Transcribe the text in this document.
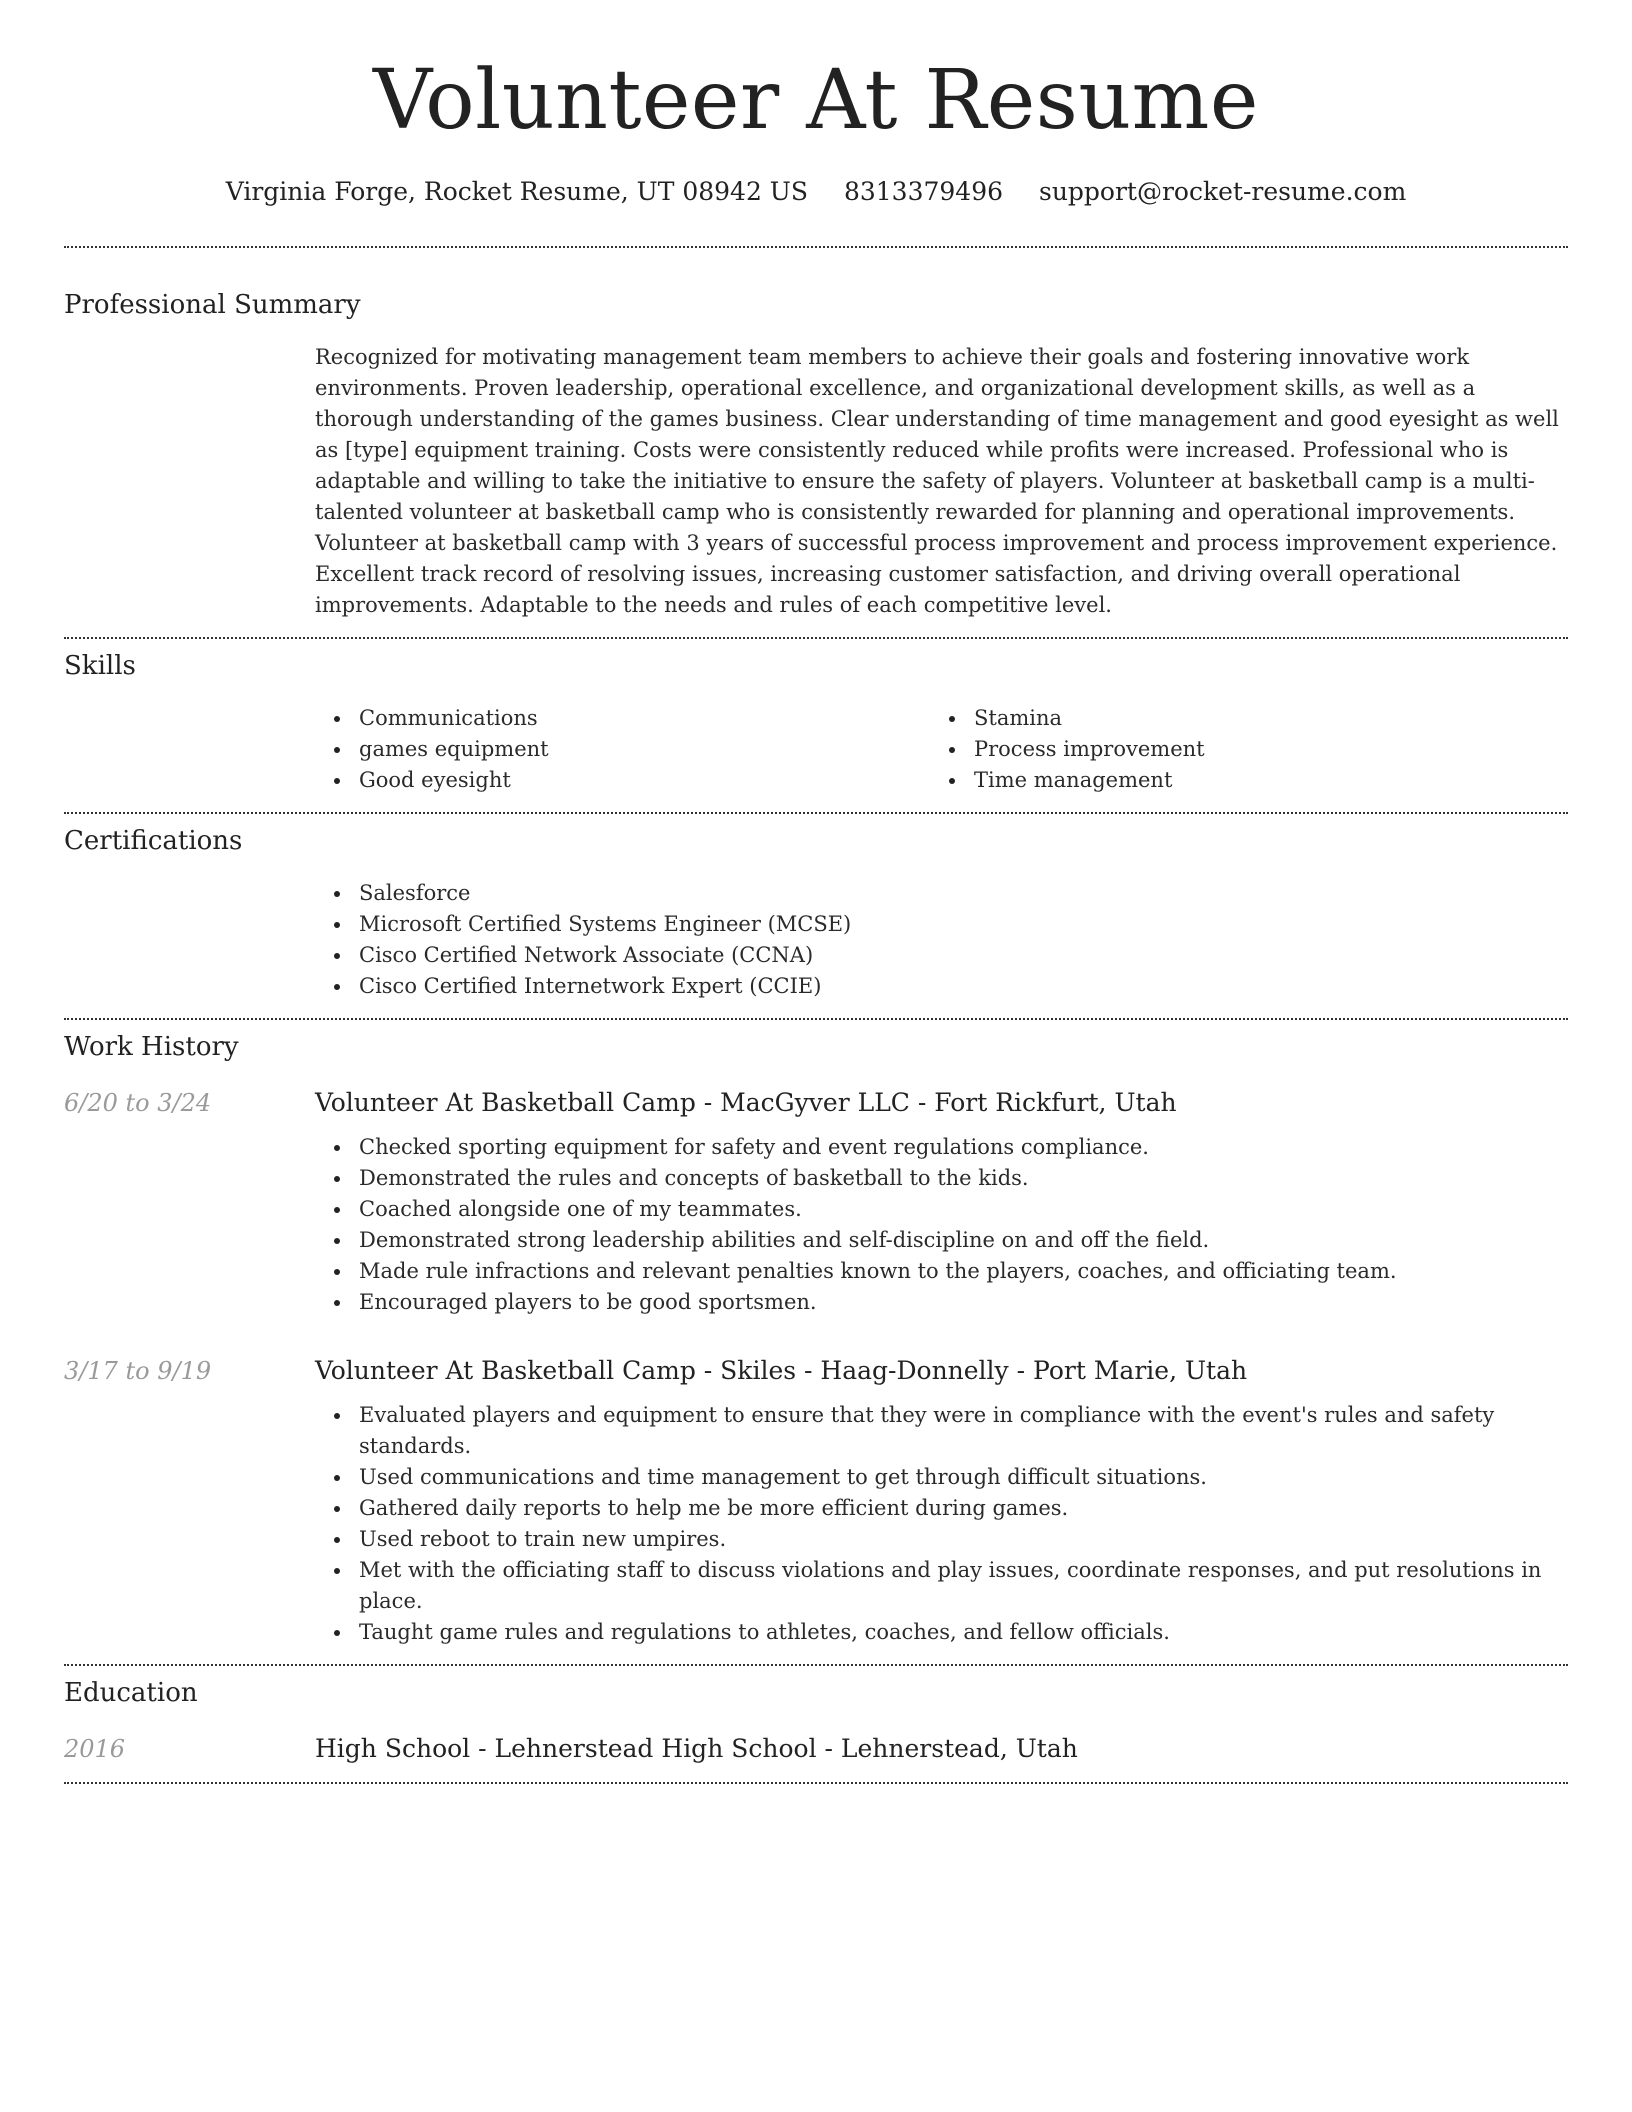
Volunteer At Resume
Virginia Forge, Rocket Resume, UT 08942 US 8313379496 support@rocket-resume.com
Professional Summary
Recognized for motivating management team members to achieve their goals and fostering innovative work environments. Proven leadership, operational excellence, and organizational development skills, as well as a thorough understanding of the games business. Clear understanding of time management and good eyesight as well as [type] equipment training. Costs were consistently reduced while profits were increased. Professional who is adaptable and willing to take the initiative to ensure the safety of players. Volunteer at basketball camp is a multi-talented volunteer at basketball camp who is consistently rewarded for planning and operational improvements. Volunteer at basketball camp with 3 years of successful process improvement and process improvement experience. Excellent track record of resolving issues, increasing customer satisfaction, and driving overall operational improvements. Adaptable to the needs and rules of each competitive level.
Skills
Communications
games equipment
Good eyesight
Stamina
Process improvement
Time management
Certifications
Salesforce
Microsoft Certified Systems Engineer (MCSE)
Cisco Certified Network Associate (CCNA)
Cisco Certified Internetwork Expert (CCIE)
Work History
6/20 to 3/24	Volunteer At Basketball Camp - MacGyver LLC - Fort Rickfurt, Utah
Checked sporting equipment for safety and event regulations compliance.
Demonstrated the rules and concepts of basketball to the kids.
Coached alongside one of my teammates.
Demonstrated strong leadership abilities and self-discipline on and off the field.
Made rule infractions and relevant penalties known to the players, coaches, and officiating team.
Encouraged players to be good sportsmen.
3/17 to 9/19	Volunteer At Basketball Camp - Skiles - Haag-Donnelly - Port Marie, Utah
Evaluated players and equipment to ensure that they were in compliance with the event's rules and safety standards.
Used communications and time management to get through difficult situations.
Gathered daily reports to help me be more efficient during games.
Used reboot to train new umpires.
Met with the officiating staff to discuss violations and play issues, coordinate responses, and put resolutions in place.
Taught game rules and regulations to athletes, coaches, and fellow officials.
Education
2016	High School - Lehnerstead High School - Lehnerstead, Utah
